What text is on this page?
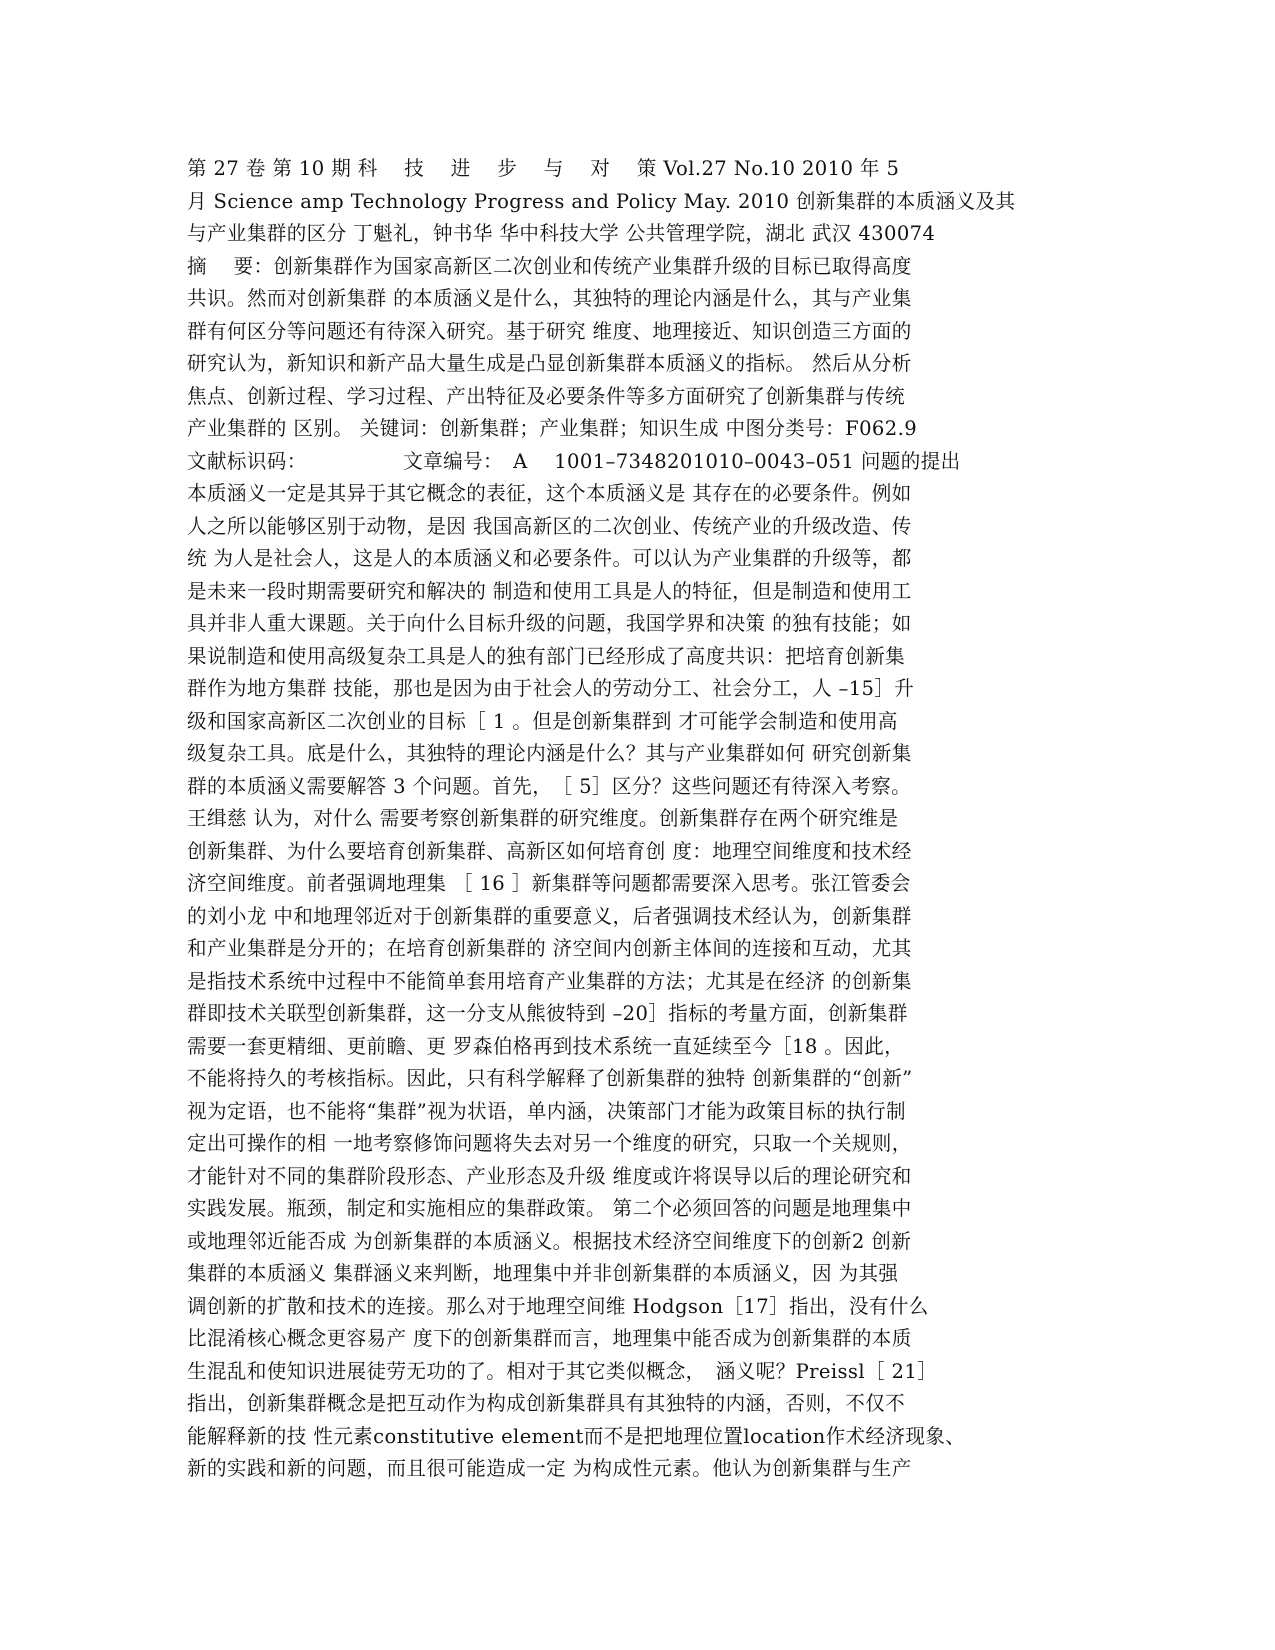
第 27 卷 第 10 期 科　 技　 进　 步　 与　 对　 策 Vol.27 No.10 2010 年 5
月 Science amp Technology Progress and Policy May. 2010 创新集群的本质涵义及其
与产业集群的区分 丁魁礼，钟书华 华中科技大学 公共管理学院，湖北 武汉 430074
摘　 要：创新集群作为国家高新区二次创业和传统产业集群升级的目标已取得高度
共识。然而对创新集群 的本质涵义是什么，其独特的理论内涵是什么，其与产业集
群有何区分等问题还有待深入研究。基于研究 维度、地理接近、知识创造三方面的
研究认为，新知识和新产品大量生成是凸显创新集群本质涵义的指标。 然后从分析
焦点、创新过程、学习过程、产出特征及必要条件等多方面研究了创新集群与传统
产业集群的 区别。 关键词：创新集群；产业集群；知识生成 中图分类号：F062.9
文献标识码：　　　　　 文章编号：　A　 1001–7348201010–0043–051 问题的提出
本质涵义一定是其异于其它概念的表征，这个本质涵义是 其存在的必要条件。例如
人之所以能够区别于动物，是因 我国高新区的二次创业、传统产业的升级改造、传
统 为人是社会人，这是人的本质涵义和必要条件。可以认为产业集群的升级等，都
是未来一段时期需要研究和解决的 制造和使用工具是人的特征，但是制造和使用工
具并非人重大课题。关于向什么目标升级的问题，我国学界和决策 的独有技能；如
果说制造和使用高级复杂工具是人的独有部门已经形成了高度共识：把培育创新集
群作为地方集群 技能，那也是因为由于社会人的劳动分工、社会分工，人 –15］升
级和国家高新区二次创业的目标［ 1 。但是创新集群到 才可能学会制造和使用高
级复杂工具。底是什么，其独特的理论内涵是什么？其与产业集群如何 研究创新集
群的本质涵义需要解答 3 个问题。首先，　［ 5］区分？这些问题还有待深入考察。
王缉慈 认为，对什么 需要考察创新集群的研究维度。创新集群存在两个研究维是
创新集群、为什么要培育创新集群、高新区如何培育创 度：地理空间维度和技术经
济空间维度。前者强调地理集 ［ 16 ］新集群等问题都需要深入思考。张江管委会
的刘小龙 中和地理邻近对于创新集群的重要意义，后者强调技术经认为，创新集群
和产业集群是分开的；在培育创新集群的 济空间内创新主体间的连接和互动，尤其
是指技术系统中过程中不能简单套用培育产业集群的方法；尤其是在经济 的创新集
群即技术关联型创新集群，这一分支从熊彼特到 –20］指标的考量方面，创新集群
需要一套更精细、更前瞻、更 罗森伯格再到技术系统一直延续至今［18 。因此，
不能将持久的考核指标。因此，只有科学解释了创新集群的独特 创新集群的“创新”
视为定语，也不能将“集群”视为状语，单内涵，决策部门才能为政策目标的执行制
定出可操作的相 一地考察修饰问题将失去对另一个维度的研究，只取一个关规则，
才能针对不同的集群阶段形态、产业形态及升级 维度或许将误导以后的理论研究和
实践发展。瓶颈，制定和实施相应的集群政策。 第二个必须回答的问题是地理集中
或地理邻近能否成 为创新集群的本质涵义。根据技术经济空间维度下的创新2 创新
集群的本质涵义 集群涵义来判断，地理集中并非创新集群的本质涵义，因 为其强
调创新的扩散和技术的连接。那么对于地理空间维 Hodgson［17］指出，没有什么
比混淆核心概念更容易产 度下的创新集群而言，地理集中能否成为创新集群的本质
生混乱和使知识进展徒劳无功的了。相对于其它类似概念，　涵义呢？Preissl［ 21］
指出，创新集群概念是把互动作为构成创新集群具有其独特的内涵，否则，不仅不
能解释新的技 性元素constitutive element而不是把地理位置location作术经济现象、
新的实践和新的问题，而且很可能造成一定 为构成性元素。他认为创新集群与生产
